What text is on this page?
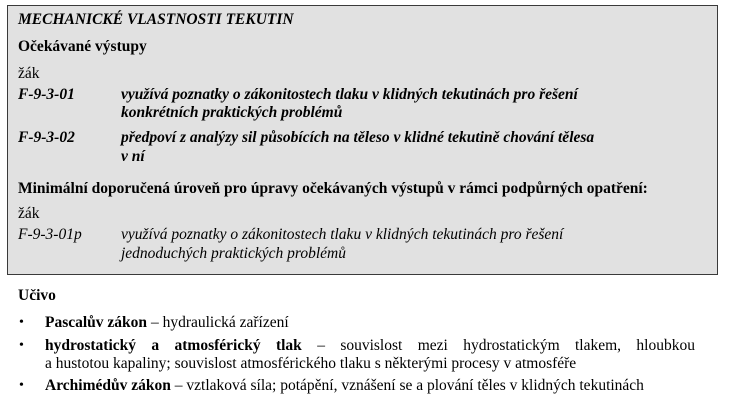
MECHANICKÉ VLASTNOSTI TEKUTIN
Očekávané výstupy
žák
F-9-3-01	využívá poznatky o zákonitostech tlaku v klidných tekutinách pro řešení
konkrétních praktických problémů
F-9-3-02	předpoví z analýzy sil působících na těleso v klidné tekutině chování tělesa
v ní
Minimální doporučená úroveň pro úpravy očekávaných výstupů v rámci podpůrných opatření:
žák
F-9-3-01p	využívá poznatky o zákonitostech tlaku v klidných tekutinách pro řešení
jednoduchých praktických problémů
Učivo
• Pascalův zákon – hydraulická zařízení
• hydrostatický a atmosférický tlak – souvislost mezi hydrostatickým tlakem, hloubkou
a hustotou kapaliny; souvislost atmosférického tlaku s některými procesy v atmosféře
• Archimédův zákon – vztlaková síla; potápění, vznášení se a plování těles v klidných tekutinách
